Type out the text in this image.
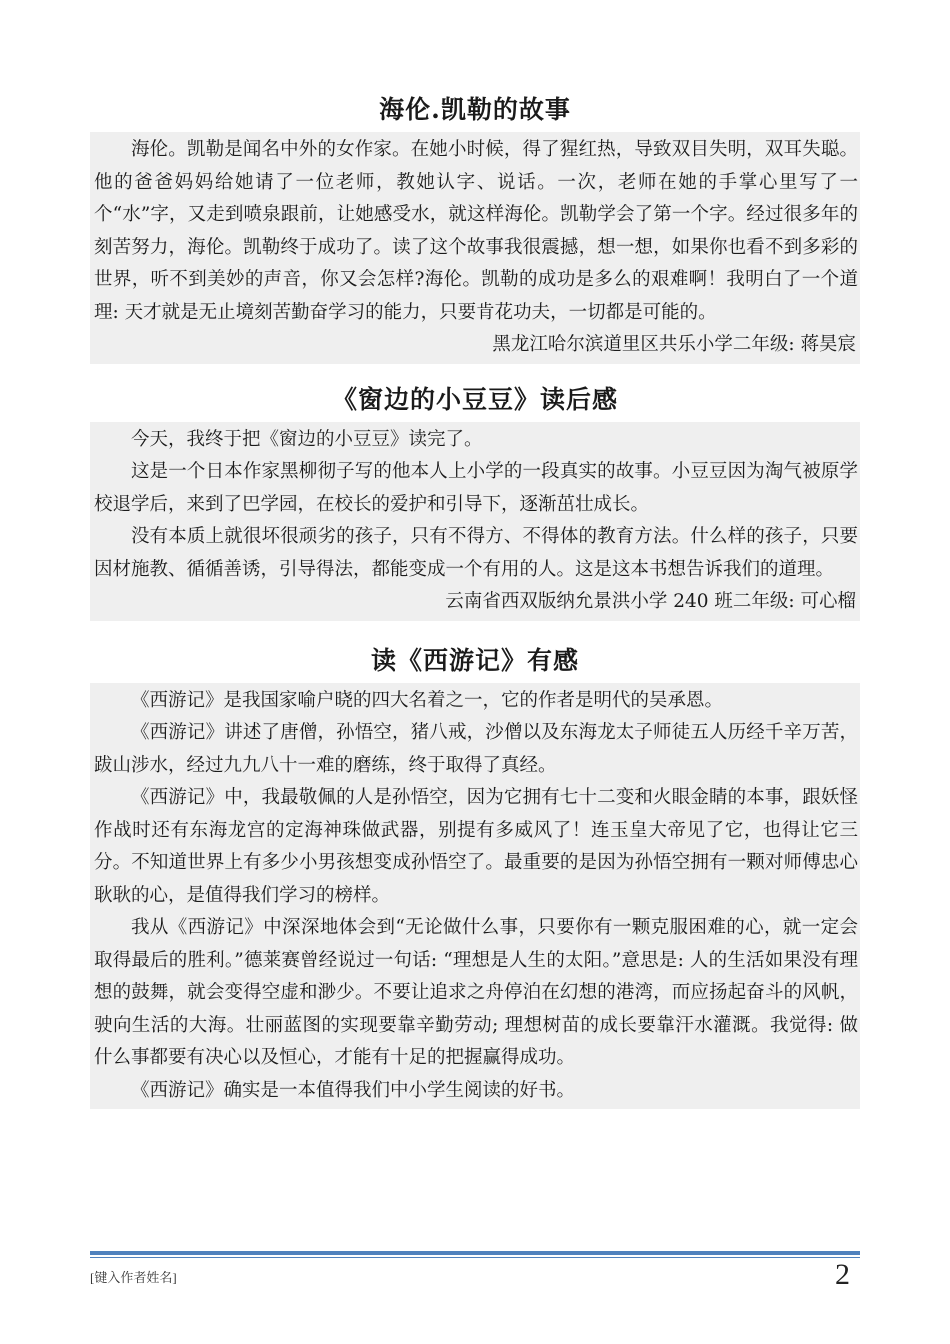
海伦.凯勒的故事

海伦。凯勒是闻名中外的女作家。在她小时候，得了猩红热，导致双目失明，双耳失聪。他的爸爸妈妈给她请了一位老师，教她认字、说话。一次，老师在她的手掌心里写了一个“水”字，又走到喷泉跟前，让她感受水，就这样海伦。凯勒学会了第一个字。经过很多年的刻苦努力，海伦。凯勒终于成功了。读了这个故事我很震撼，想一想，如果你也看不到多彩的世界，听不到美妙的声音，你又会怎样?海伦。凯勒的成功是多么的艰难啊！我明白了一个道理: 天才就是无止境刻苦勤奋学习的能力，只要肯花功夫，一切都是可能的。

黑龙江哈尔滨道里区共乐小学二年级: 蒋昊宸

《窗边的小豆豆》读后感

今天，我终于把《窗边的小豆豆》读完了。

这是一个日本作家黑柳彻子写的他本人上小学的一段真实的故事。小豆豆因为淘气被原学校退学后，来到了巴学园，在校长的爱护和引导下，逐渐茁壮成长。

没有本质上就很坏很顽劣的孩子，只有不得方、不得体的教育方法。什么样的孩子，只要因材施教、循循善诱，引导得法，都能变成一个有用的人。这是这本书想告诉我们的道理。

云南省西双版纳允景洪小学 240 班二年级: 可心榴

读《西游记》有感

《西游记》是我国家喻户晓的四大名着之一，它的作者是明代的吴承恩。

《西游记》讲述了唐僧，孙悟空，猪八戒，沙僧以及东海龙太子师徒五人历经千辛万苦，跋山涉水，经过九九八十一难的磨练，终于取得了真经。

《西游记》中，我最敬佩的人是孙悟空，因为它拥有七十二变和火眼金睛的本事，跟妖怪作战时还有东海龙宫的定海神珠做武器，别提有多威风了！连玉皇大帝见了它，也得让它三分。不知道世界上有多少小男孩想变成孙悟空了。最重要的是因为孙悟空拥有一颗对师傅忠心耿耿的心，是值得我们学习的榜样。

我从《西游记》中深深地体会到“无论做什么事，只要你有一颗克服困难的心，就一定会取得最后的胜利。”德莱赛曾经说过一句话: “理想是人生的太阳。”意思是: 人的生活如果没有理想的鼓舞，就会变得空虚和渺少。不要让追求之舟停泊在幻想的港湾，而应扬起奋斗的风帆，驶向生活的大海。壮丽蓝图的实现要靠辛勤劳动; 理想树苗的成长要靠汗水灌溉。我觉得: 做什么事都要有决心以及恒心，才能有十足的把握赢得成功。

《西游记》确实是一本值得我们中小学生阅读的好书。

[键入作者姓名]	2
